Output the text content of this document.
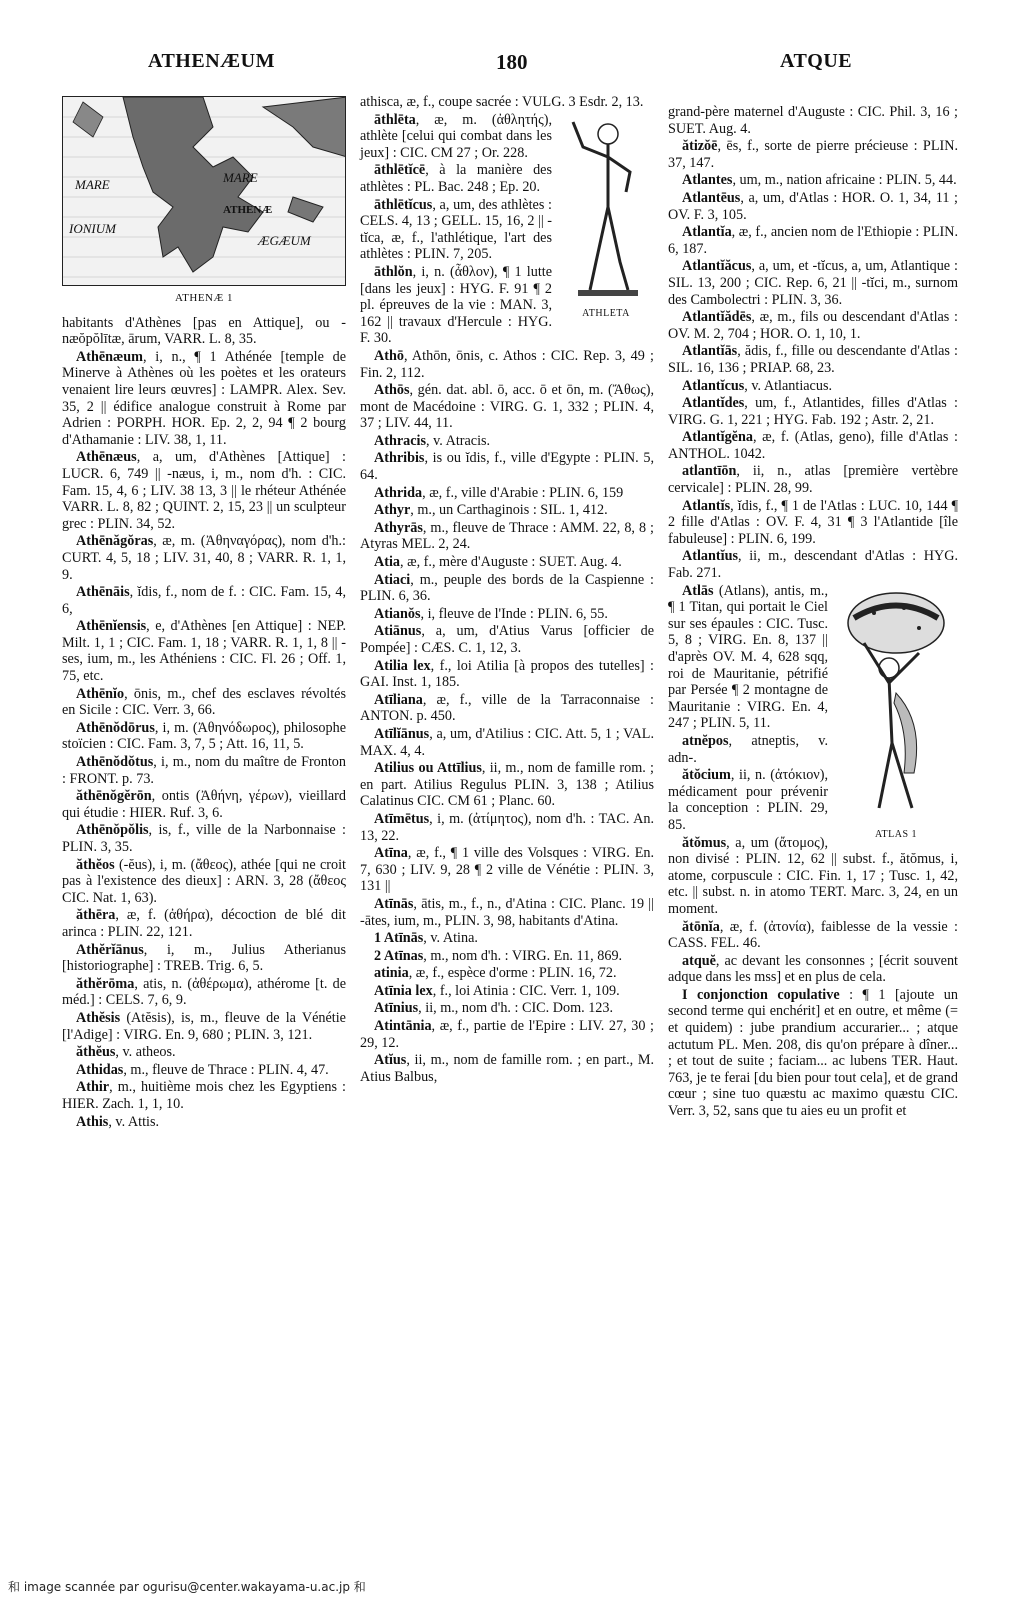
ATHENÆUM	180	ATQUE
MARE	MARE
ATHENÆ
IONIUM
ÆGÆUM
ATHENÆ 1
habitants d'Athènes [pas en Attique], ou -næŏpŏlītæ, ārum, VARR. L. 8, 35.
Athēnæum, i, n., ¶ 1 Athénée [temple de Minerve à Athènes où les poètes et les orateurs venaient lire leurs œuvres] : LAMPR. Alex. Sev. 35, 2 || édifice analogue construit à Rome par Adrien : PORPH. HOR. Ep. 2, 2, 94 ¶ 2 bourg d'Athamanie : LIV. 38, 1, 11.
Athēnæus, a, um, d'Athènes [Attique] : LUCR. 6, 749 || -næus, i, m., nom d'h. : CIC. Fam. 15, 4, 6 ; LIV. 38 13, 3 || le rhéteur Athénée VARR. L. 8, 82 ; QUINT. 2, 15, 23 || un sculpteur grec : PLIN. 34, 52.
Athēnăgŏras, æ, m. (Ἀθηναγόρας), nom d'h.: CURT. 4, 5, 18 ; LIV. 31, 40, 8 ; VARR. R. 1, 1, 9.
Athēnāis, ĭdis, f., nom de f. : CIC. Fam. 15, 4, 6,
Athēnĭensis, e, d'Athènes [en Attique] : NEP. Milt. 1, 1 ; CIC. Fam. 1, 18 ; VARR. R. 1, 1, 8 || -ses, ium, m., les Athéniens : CIC. Fl. 26 ; Off. 1, 75, etc.
Athēnĭo, ōnis, m., chef des esclaves révoltés en Sicile : CIC. Verr. 3, 66.
Athēnŏdōrus, i, m. (Ἀθηνόδωρος), philosophe stoïcien : CIC. Fam. 3, 7, 5 ; Att. 16, 11, 5.
Athēnŏdŏtus, i, m., nom du maître de Fronton : FRONT. p. 73.
ăthēnŏgĕrōn, ontis (Ἀθήνη, γέρων), vieillard qui étudie : HIER. Ruf. 3, 6.
Athēnŏpŏlis, is, f., ville de la Narbonnaise : PLIN. 3, 35.
ăthĕos (-ĕus), i, m. (ἄθεος), athée [qui ne croit pas à l'existence des dieux] : ARN. 3, 28 (ἄθεος CIC. Nat. 1, 63).
ăthēra, æ, f. (ἀθήρα), décoction de blé dit arinca : PLIN. 22, 121.
Athĕrĭānus, i, m., Julius Atherianus [historiographe] : TREB. Trig. 6, 5.
ăthĕrōma, atis, n. (ἀθέρωμα), athérome [t. de méd.] : CELS. 7, 6, 9.
Athĕsis (Atĕsis), is, m., fleuve de la Vénétie [l'Adige] : VIRG. En. 9, 680 ; PLIN. 3, 121.
ăthĕus, v. atheos.
Athidas, m., fleuve de Thrace : PLIN. 4, 47.
Athir, m., huitième mois chez les Egyptiens : HIER. Zach. 1, 1, 10.
Athis, v. Attis.
athisca, æ, f., coupe sacrée : VULG. 3 Esdr. 2, 13.
ATHLETA
āthlēta, æ, m. (ἀθλητής), athlète [celui qui combat dans les jeux] : CIC. CM 27 ; Or. 228.
āthlētĭcē, à la manière des athlètes : PL. Bac. 248 ; Ep. 20.
āthlētĭcus, a, um, des athlètes : CELS. 4, 13 ; GELL. 15, 16, 2 || -tĭca, æ, f., l'athlétique, l'art des athlètes : PLIN. 7, 205.
āthlŏn, i, n. (ἆθλον), ¶ 1 lutte [dans les jeux] : HYG. F. 91 ¶ 2 pl. épreuves de la vie : MAN. 3, 162 || travaux d'Hercule : HYG. F. 30.
Athō, Athōn, ōnis, c. Athos : CIC. Rep. 3, 49 ; Fin. 2, 112.
Athōs, gén. dat. abl. ō, acc. ō et ōn, m. (Ἄθως), mont de Macédoine : VIRG. G. 1, 332 ; PLIN. 4, 37 ; LIV. 44, 11.
Athracis, v. Atracis.
Athribis, is ou ĭdis, f., ville d'Egypte : PLIN. 5, 64.
Athrida, æ, f., ville d'Arabie : PLIN. 6, 159
Athyr, m., un Carthaginois : SIL. 1, 412.
Athyrās, m., fleuve de Thrace : AMM. 22, 8, 8 ; Atyras MEL. 2, 24.
Atia, æ, f., mère d'Auguste : SUET. Aug. 4.
Atiaci, m., peuple des bords de la Caspienne : PLIN. 6, 36.
Atianŏs, i, fleuve de l'Inde : PLIN. 6, 55.
Atiānus, a, um, d'Atius Varus [officier de Pompée] : CÆS. C. 1, 12, 3.
Atilia lex, f., loi Atilia [à propos des tutelles] : GAI. Inst. 1, 185.
Atīliana, æ, f., ville de la Tarraconnaise : ANTON. p. 450.
Atīlĭānus, a, um, d'Atilius : CIC. Att. 5, 1 ; VAL. MAX. 4, 4.
Atilius ou Attīlius, ii, m., nom de famille rom. ; en part. Atilius Regulus PLIN. 3, 138 ; Atilius Calatinus CIC. CM 61 ; Planc. 60.
Atīmētus, i, m. (ἀτίμητος), nom d'h. : TAC. An. 13, 22.
Atīna, æ, f., ¶ 1 ville des Volsques : VIRG. En. 7, 630 ; LIV. 9, 28 ¶ 2 ville de Vénétie : PLIN. 3, 131 ||
Atīnās, ātis, m., f., n., d'Atina : CIC. Planc. 19 || -ātes, ium, m., PLIN. 3, 98, habitants d'Atina.
1 Atīnās, v. Atina.
2 Atīnas, m., nom d'h. : VIRG. En. 11, 869.
atinia, æ, f., espèce d'orme : PLIN. 16, 72.
Atīnia lex, f., loi Atinia : CIC. Verr. 1, 109.
Atīnius, ii, m., nom d'h. : CIC. Dom. 123.
Atintānia, æ, f., partie de l'Epire : LIV. 27, 30 ; 29, 12.
Atĭus, ii, m., nom de famille rom. ; en part., M. Atius Balbus,
grand-père maternel d'Auguste : CIC. Phil. 3, 16 ; SUET. Aug. 4.
ătizŏē, ēs, f., sorte de pierre précieuse : PLIN. 37, 147.
Atlantes, um, m., nation africaine : PLIN. 5, 44.
Atlantēus, a, um, d'Atlas : HOR. O. 1, 34, 11 ; OV. F. 3, 105.
Atlantĭa, æ, f., ancien nom de l'Ethiopie : PLIN. 6, 187.
Atlantĭăcus, a, um, et -tĭcus, a, um, Atlantique : SIL. 13, 200 ; CIC. Rep. 6, 21 || -tĭci, m., surnom des Cambolectri : PLIN. 3, 36.
Atlantĭădēs, æ, m., fils ou descendant d'Atlas : OV. M. 2, 704 ; HOR. O. 1, 10, 1.
Atlantĭās, ădis, f., fille ou descendante d'Atlas : SIL. 16, 136 ; PRIAP. 68, 23.
Atlantĭcus, v. Atlantiacus.
Atlantĭdes, um, f., Atlantides, filles d'Atlas : VIRG. G. 1, 221 ; HYG. Fab. 192 ; Astr. 2, 21.
Atlantĭgĕna, æ, f. (Atlas, geno), fille d'Atlas : ANTHOL. 1042.
atlantīōn, ii, n., atlas [première vertèbre cervicale] : PLIN. 28, 99.
Atlantĭs, ĭdis, f., ¶ 1 de l'Atlas : LUC. 10, 144 ¶ 2 fille d'Atlas : OV. F. 4, 31 ¶ 3 l'Atlantide [île fabuleuse] : PLIN. 6, 199.
Atlantĭus, ii, m., descendant d'Atlas : HYG. Fab. 271.
ATLAS 1
Atlās (Atlans), antis, m., ¶ 1 Titan, qui portait le Ciel sur ses épaules : CIC. Tusc. 5, 8 ; VIRG. En. 8, 137 || d'après OV. M. 4, 628 sqq, roi de Mauritanie, pétrifié par Persée ¶ 2 montagne de Mauritanie : VIRG. En. 4, 247 ; PLIN. 5, 11.
atnĕpos, atneptis, v. adn-.
ătŏcium, ii, n. (ἀτόκιον), médicament pour prévenir la conception : PLIN. 29, 85.
ătŏmus, a, um (ἄτομος), non divisé : PLIN. 12, 62 || subst. f., ătŏmus, i, atome, corpuscule : CIC. Fin. 1, 17 ; Tusc. 1, 42, etc. || subst. n. in atomo TERT. Marc. 3, 24, en un moment.
ătōnĭa, æ, f. (ἀτονία), faiblesse de la vessie : CASS. FEL. 46.
atquĕ, ac devant les consonnes ; [écrit souvent adque dans les mss] et en plus de cela.
I conjonction copulative : ¶ 1 [ajoute un second terme qui enchérit] et en outre, et même (= et quidem) : jube prandium accurarier... ; atque actutum PL. Men. 208, dis qu'on prépare à dîner... ; et tout de suite ; faciam... ac lubens TER. Haut. 763, je te ferai [du bien pour tout cela], et de grand cœur ; sine tuo quæstu ac maximo quæstu CIC. Verr. 3, 52, sans que tu aies eu un profit et
和 image scannée par ogurisu@center.wakayama-u.ac.jp 和
